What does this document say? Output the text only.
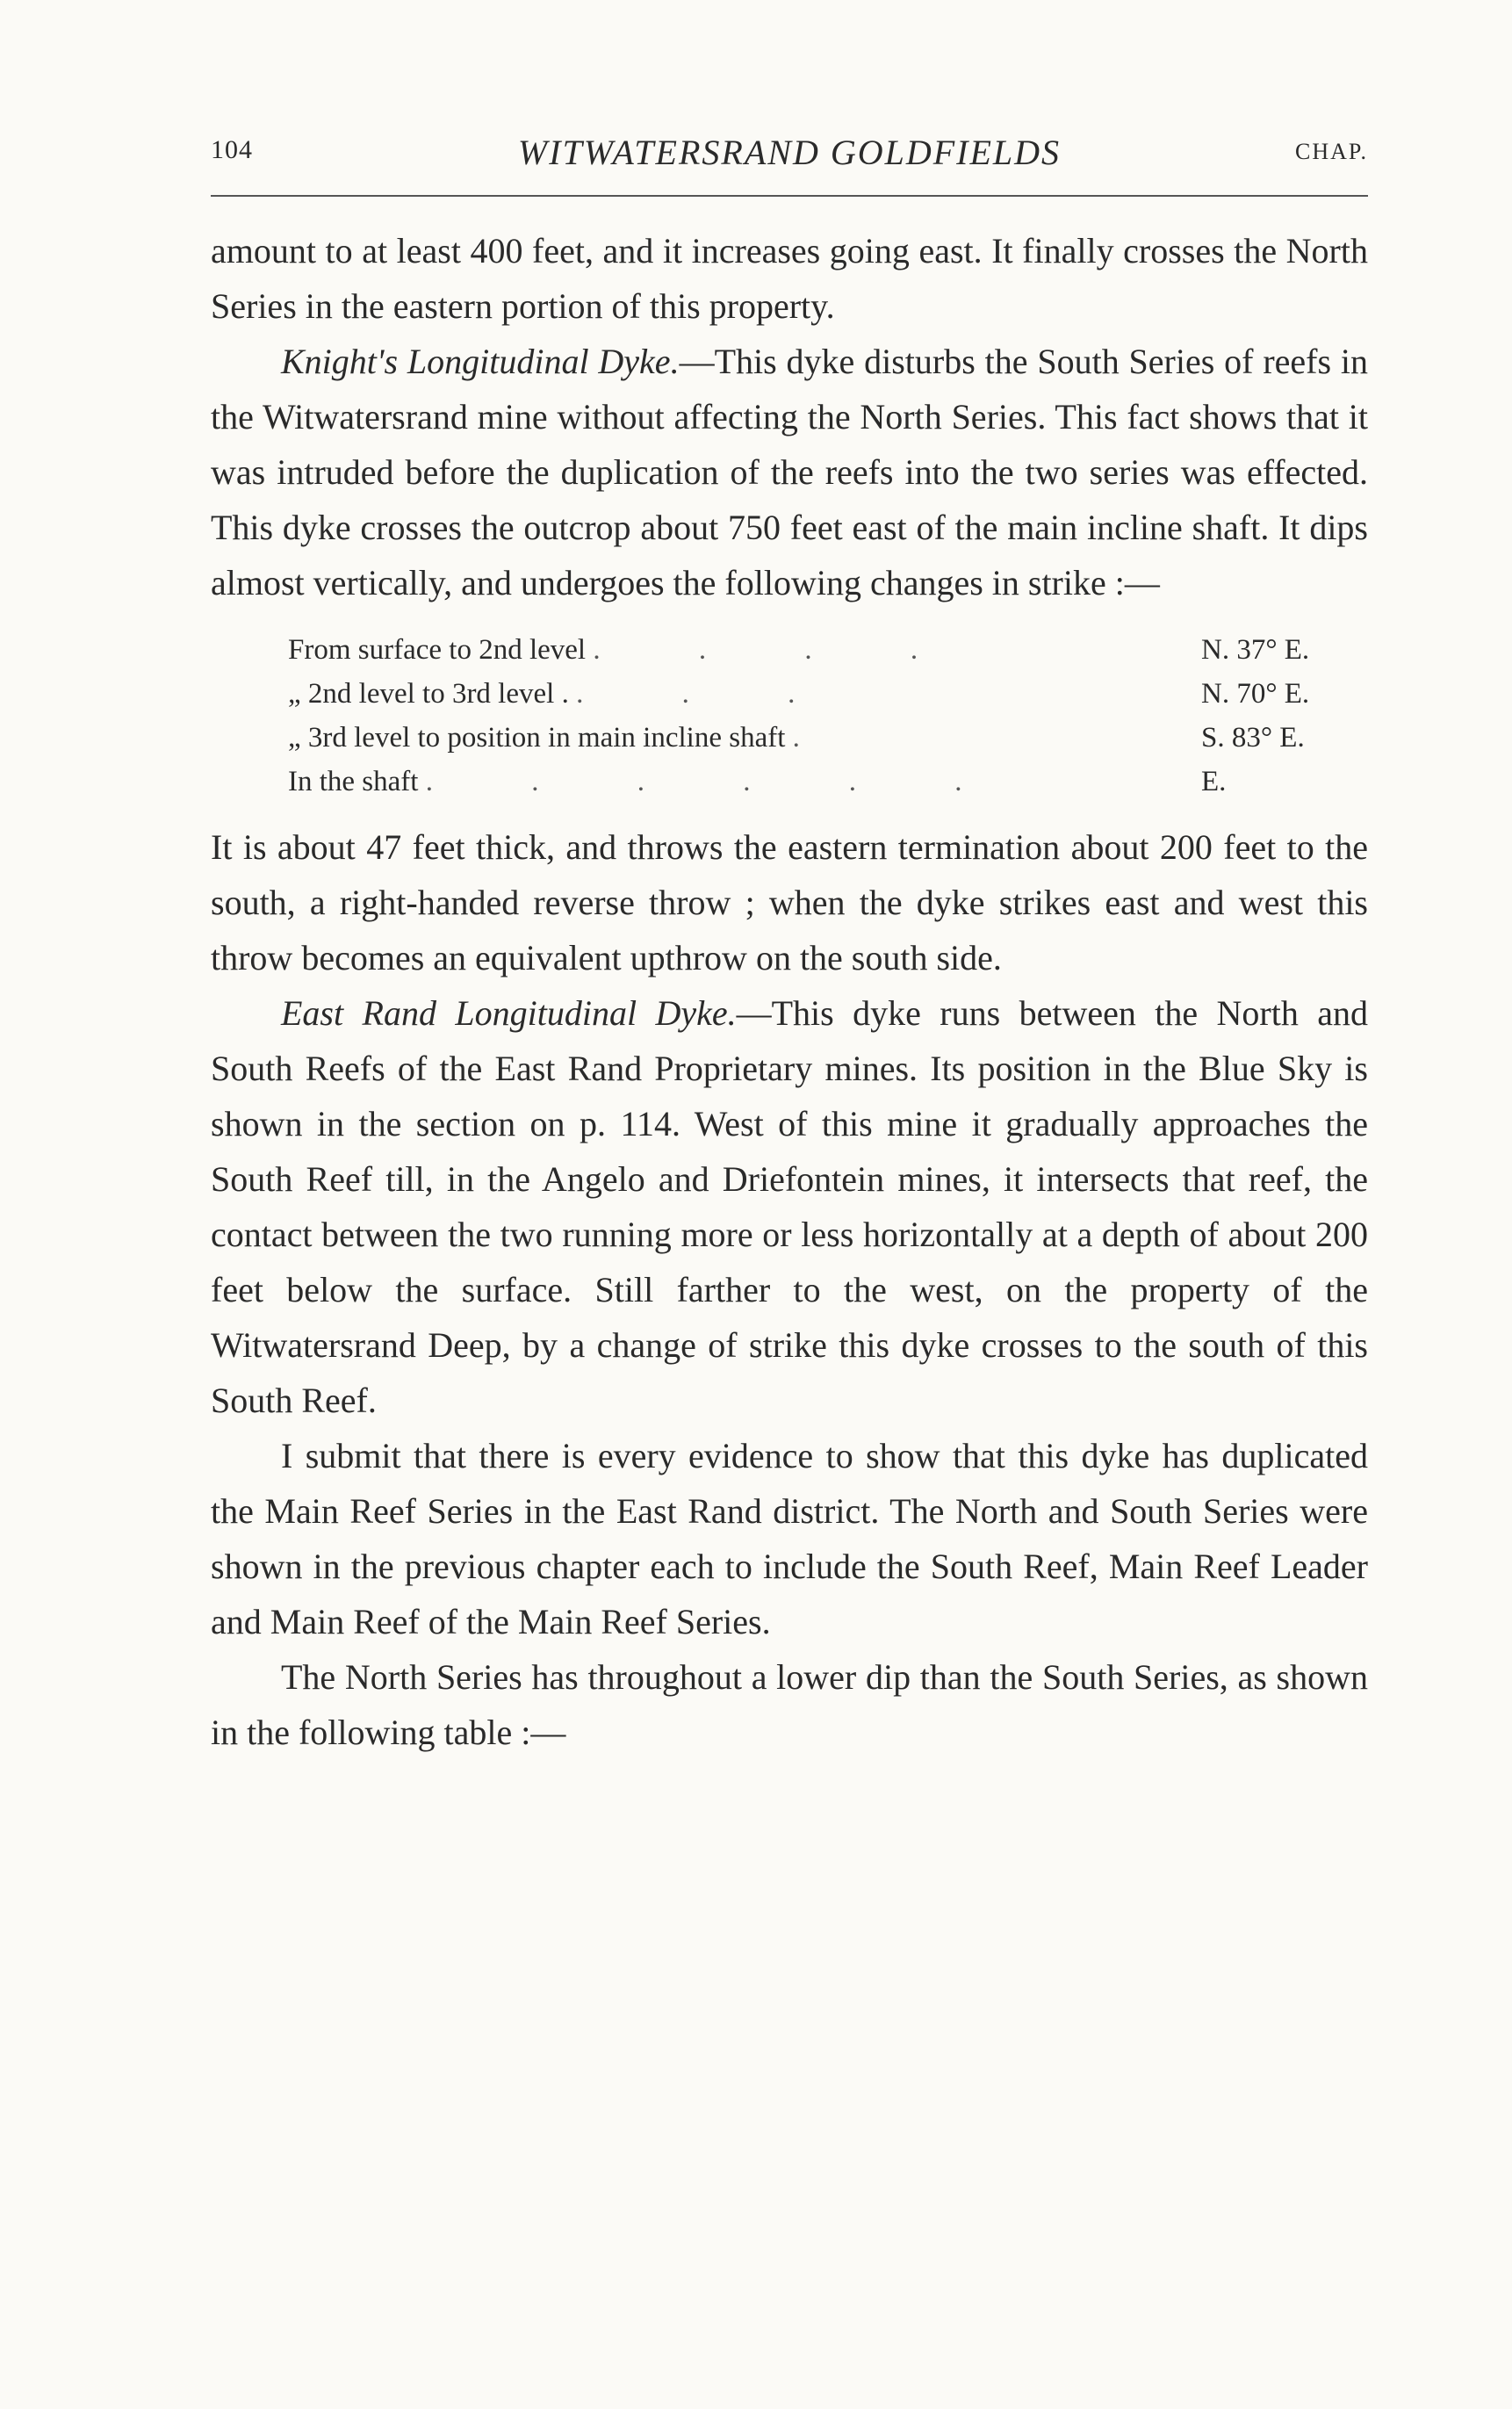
104	WITWATERSRAND GOLDFIELDS	CHAP.

amount to at least 400 feet, and it increases going east. It finally crosses the North Series in the eastern portion of this property.

Knight's Longitudinal Dyke.—This dyke disturbs the South Series of reefs in the Witwatersrand mine without affecting the North Series. This fact shows that it was intruded before the duplication of the reefs into the two series was effected. This dyke crosses the outcrop about 750 feet east of the main incline shaft. It dips almost vertically, and undergoes the following changes in strike :—

From surface to 2nd level . . . .	N. 37° E.
„ 2nd level to 3rd level . . . .	N. 70° E.
„ 3rd level to position in main incline shaft .	S. 83° E.
In the shaft . . . . . .	E.

It is about 47 feet thick, and throws the eastern termination about 200 feet to the south, a right-handed reverse throw ; when the dyke strikes east and west this throw becomes an equivalent upthrow on the south side.

East Rand Longitudinal Dyke.—This dyke runs between the North and South Reefs of the East Rand Proprietary mines. Its position in the Blue Sky is shown in the section on p. 114. West of this mine it gradually approaches the South Reef till, in the Angelo and Driefontein mines, it intersects that reef, the contact between the two running more or less horizontally at a depth of about 200 feet below the surface. Still farther to the west, on the property of the Witwatersrand Deep, by a change of strike this dyke crosses to the south of this South Reef.

I submit that there is every evidence to show that this dyke has duplicated the Main Reef Series in the East Rand district. The North and South Series were shown in the previous chapter each to include the South Reef, Main Reef Leader and Main Reef of the Main Reef Series.

The North Series has throughout a lower dip than the South Series, as shown in the following table :—
